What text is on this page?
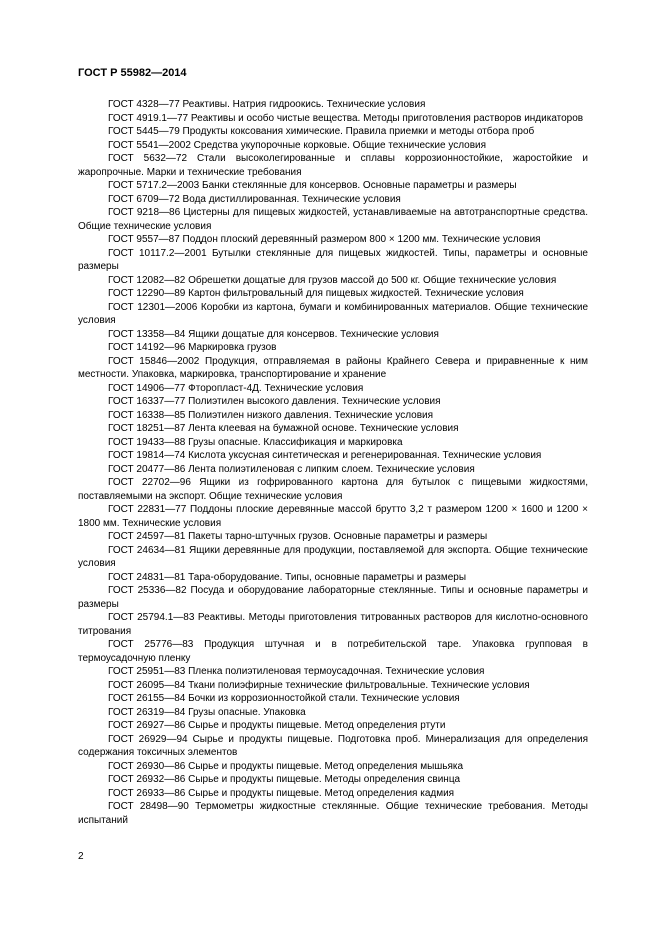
ГОСТ Р 55982—2014

ГОСТ 4328—77 Реактивы. Натрия гидроокись. Технические условия

ГОСТ 4919.1—77 Реактивы и особо чистые вещества. Методы приготовления растворов индикаторов

ГОСТ 5445—79 Продукты коксования химические. Правила приемки и методы отбора проб

ГОСТ 5541—2002 Средства укупорочные корковые. Общие технические условия

ГОСТ 5632—72 Стали высоколегированные и сплавы коррозионностойкие, жаростойкие и жаропрочные. Марки и технические требования

ГОСТ 5717.2—2003 Банки стеклянные для консервов. Основные параметры и размеры

ГОСТ 6709—72 Вода дистиллированная. Технические условия

ГОСТ 9218—86 Цистерны для пищевых жидкостей, устанавливаемые на автотранспортные средства. Общие технические условия

ГОСТ 9557—87 Поддон плоский деревянный размером 800 × 1200 мм. Технические условия

ГОСТ 10117.2—2001 Бутылки стеклянные для пищевых жидкостей. Типы, параметры и основные размеры

ГОСТ 12082—82 Обрешетки дощатые для грузов массой до 500 кг. Общие технические условия

ГОСТ 12290—89 Картон фильтровальный для пищевых жидкостей. Технические условия

ГОСТ 12301—2006 Коробки из картона, бумаги и комбинированных материалов. Общие технические условия

ГОСТ 13358—84 Ящики дощатые для консервов. Технические условия

ГОСТ 14192—96 Маркировка грузов

ГОСТ 15846—2002 Продукция, отправляемая в районы Крайнего Севера и приравненные к ним местности. Упаковка, маркировка, транспортирование и хранение

ГОСТ 14906—77 Фторопласт-4Д. Технические условия

ГОСТ 16337—77 Полиэтилен высокого давления. Технические условия

ГОСТ 16338—85 Полиэтилен низкого давления. Технические условия

ГОСТ 18251—87 Лента клеевая на бумажной основе. Технические условия

ГОСТ 19433—88 Грузы опасные. Классификация и маркировка

ГОСТ 19814—74 Кислота уксусная синтетическая и регенерированная. Технические условия

ГОСТ 20477—86 Лента полиэтиленовая с липким слоем. Технические условия

ГОСТ 22702—96 Ящики из гофрированного картона для бутылок с пищевыми жидкостями, поставляемыми на экспорт. Общие технические условия

ГОСТ 22831—77 Поддоны плоские деревянные массой брутто 3,2 т размером 1200 × 1600 и 1200 × 1800 мм. Технические условия

ГОСТ 24597—81 Пакеты тарно-штучных грузов. Основные параметры и размеры

ГОСТ 24634—81 Ящики деревянные для продукции, поставляемой для экспорта. Общие технические условия

ГОСТ 24831—81 Тара-оборудование. Типы, основные параметры и размеры

ГОСТ 25336—82 Посуда и оборудование лабораторные стеклянные. Типы и основные параметры и размеры

ГОСТ 25794.1—83 Реактивы. Методы приготовления титрованных растворов для кислотно-основного титрования

ГОСТ 25776—83 Продукция штучная и в потребительской таре. Упаковка групповая в термоусадочную пленку

ГОСТ 25951—83 Пленка полиэтиленовая термоусадочная. Технические условия

ГОСТ 26095—84 Ткани полиэфирные технические фильтровальные. Технические условия

ГОСТ 26155—84 Бочки из коррозионностойкой стали. Технические условия

ГОСТ 26319—84 Грузы опасные. Упаковка

ГОСТ 26927—86 Сырье и продукты пищевые. Метод определения ртути

ГОСТ 26929—94 Сырье и продукты пищевые. Подготовка проб. Минерализация для определения содержания токсичных элементов

ГОСТ 26930—86 Сырье и продукты пищевые. Метод определения мышьяка

ГОСТ 26932—86 Сырье и продукты пищевые. Методы определения свинца

ГОСТ 26933—86 Сырье и продукты пищевые. Метод определения кадмия

ГОСТ 28498—90 Термометры жидкостные стеклянные. Общие технические требования. Методы испытаний

2
